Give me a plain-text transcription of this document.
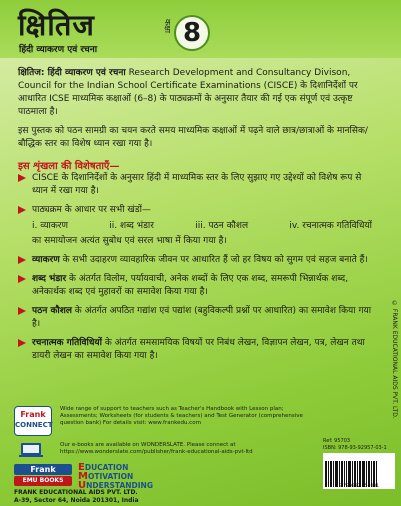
क्षितिज
हिंदी व्याकरण एवं रचना
कक्षा 8
क्षितिज: हिंदी व्याकरण एवं रचना Research Development and Consultancy Divison, Council for the Indian School Certificate Examinations (CISCE) के दिशानिर्देशों पर आधारित ICSE माध्यमिक कक्षाओं (6–8) के पाठ्यक्रमों के अनुसार तैयार की गई एक संपूर्ण एवं उत्कृष्ट पाठमाला है।
इस पुस्तक को पठन सामग्री का चयन करते समय माध्यमिक कक्षाओं में पढ़ने वाले छात्र/छात्राओं के मानसिक/बौद्धिक स्तर का विशेष ध्यान रखा गया है।
इस शृंखला की विशेषताएँ—
CISCE के दिशानिर्देशों के अनुसार हिंदी में माध्यमिक स्तर के लिए सुझाए गए उद्देश्यों को विशेष रूप से ध्यान में रखा गया है।
पाठ्यक्रम के आधार पर सभी खंडों—
i. व्याकरण	ii. शब्द भंडार	iii. पठन कौशल	iv. रचनात्मक गतिविधियों
का समायोजन अत्यंत सुबोध एवं सरल भाषा में किया गया है।
व्याकरण के सभी उदाहरण व्यावहारिक जीवन पर आधारित हैं जो हर विषय को सुगम एवं सहज बनाते हैं।
शब्द भंडार के अंतर्गत विलोम, पर्यायवाची, अनेक शब्दों के लिए एक शब्द, समरूपी भिन्नार्थक शब्द, अनेकार्थक शब्द एवं मुहावरों का समावेश किया गया है।
पठन कौशल के अंतर्गत अपठित गद्यांश एवं पद्यांश (बहुविकल्पी प्रश्नों पर आधारित) का समावेश किया गया है।
रचनात्मक गतिविधियों के अंतर्गत समसामयिक विषयों पर निबंध लेखन, विज्ञापन लेखन, पत्र, लेखन तथा डायरी लेखन का समावेश किया गया है।	© FRANK EDUCATIONAL AIDS PVT. LTD.
Frank
CONNECT
Wide range of support to teachers such as Teacher's Handbook with Lesson plan; Assessments; Worksheets (for students & teachers) and Test Generator (comprehensive question bank) For details visit: www.frankedu.com
Our e-books are available on WONDERSLATE. Please connect at https://www.wonderslate.com/publisher/frank-educational-aids-pvt-ltd
Frank
EMU BOOKS
EDUCATION
MOTIVATION
UNDERSTANDING
FRANK EDUCATIONAL AIDS PVT. LTD.
A-39, Sector 64, Noida 201301, India
Ref: 95703
ISBN: 978-93-92957-03-1
9 789392 957031
